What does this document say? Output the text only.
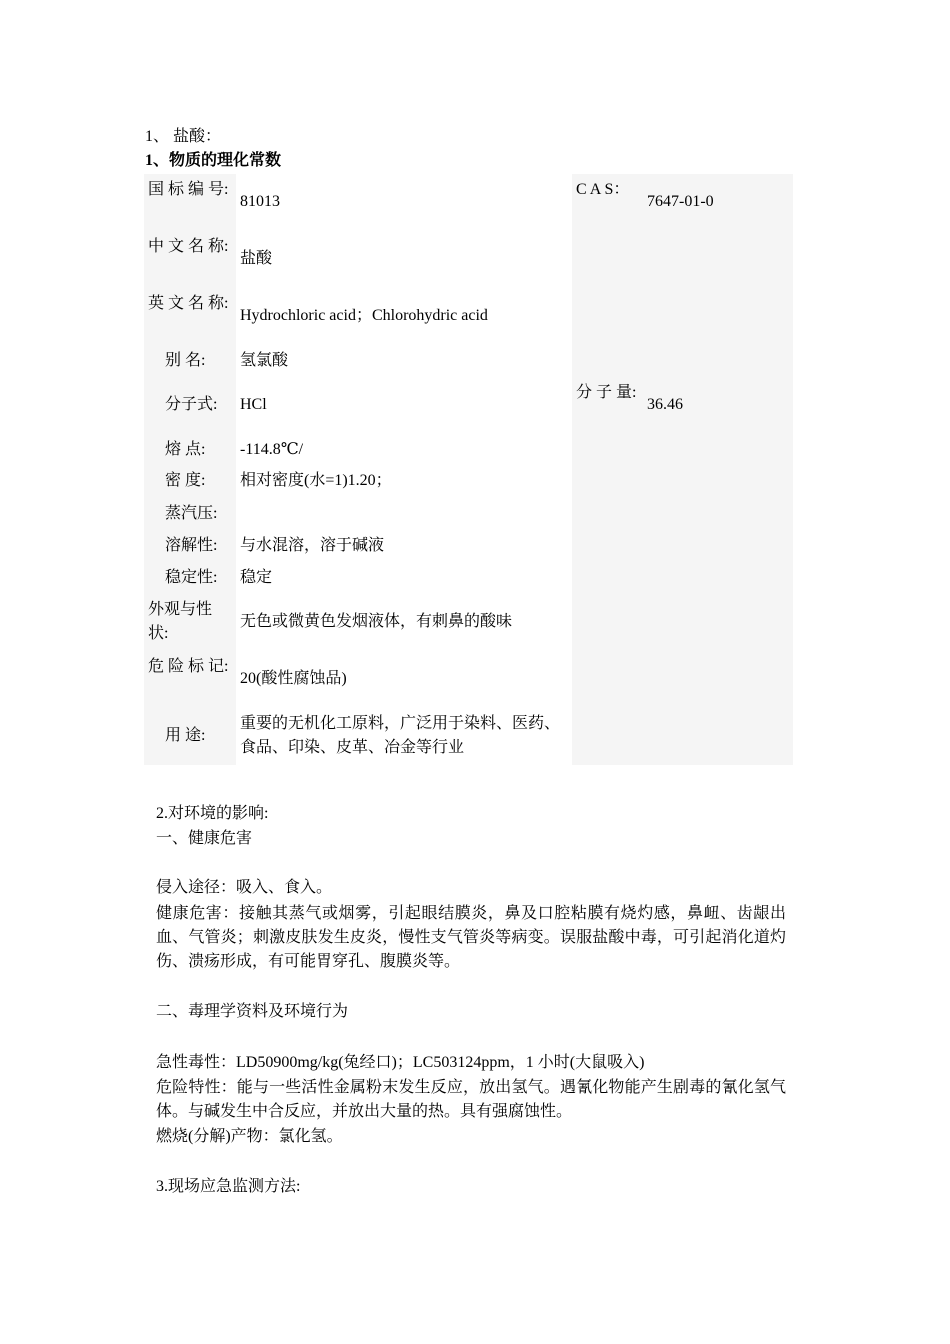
1、 盐酸：
1、物质的理化常数
国 标 编 号:
81013
C A S：
7647-01-0
中 文 名 称:
盐酸
英 文 名 称:
Hydrochloric acid；Chlorohydric acid
别 名: 氢氯酸
分子式: HCl
分 子 量:
36.46
熔 点: -114.8℃/
密 度: 相对密度(水=1)1.20；
蒸汽压:
溶解性: 与水混溶，溶于碱液
稳定性: 稳定
外观与性 状:
无色或微黄色发烟液体，有刺鼻的酸味
危 险 标 记:
20(酸性腐蚀品)
用 途:
重要的无机化工原料，广泛用于染料、医药、食品、印染、皮革、冶金等行业
2.对环境的影响:
一、健康危害
侵入途径：吸入、食入。
健康危害：接触其蒸气或烟雾，引起眼结膜炎，鼻及口腔粘膜有烧灼感，鼻衄、齿龈出血、气管炎；刺激皮肤发生皮炎，慢性支气管炎等病变。误服盐酸中毒，可引起消化道灼伤、溃疡形成，有可能胃穿孔、腹膜炎等。
二、毒理学资料及环境行为
急性毒性：LD50900mg/kg(兔经口)；LC503124ppm，1 小时(大鼠吸入)
危险特性：能与一些活性金属粉末发生反应，放出氢气。遇氰化物能产生剧毒的氰化氢气体。与碱发生中合反应，并放出大量的热。具有强腐蚀性。
燃烧(分解)产物：氯化氢。
3.现场应急监测方法:
